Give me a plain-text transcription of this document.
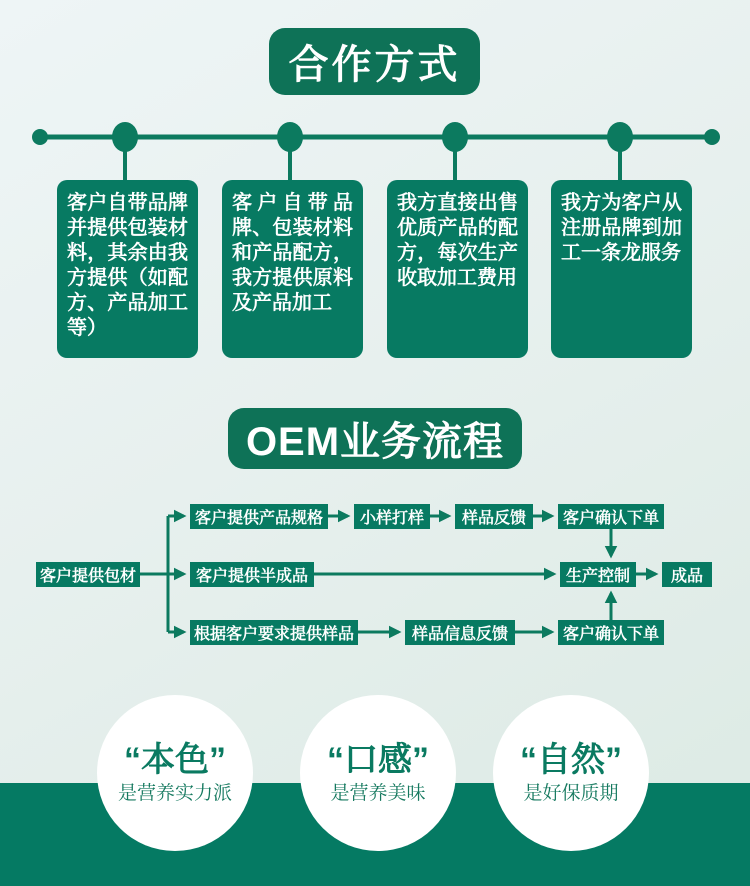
合作方式
客户自带品牌并提供包装材料，其余由我方提供（如配方、产品加工等）
客户自带品牌、包装材料和产品配方，我方提供原料及产品加工
我方直接出售优质产品的配方，每次生产收取加工费用
我方为客户从注册品牌到加工一条龙服务
OEM业务流程
客户提供包材
客户提供产品规格	小样打样	样品反馈	客户确认下单
客户提供半成品	生产控制	成品
根据客户要求提供样品	样品信息反馈	客户确认下单
“本色”
是营养实力派
“口感”
是营养美味
“自然”
是好保质期
